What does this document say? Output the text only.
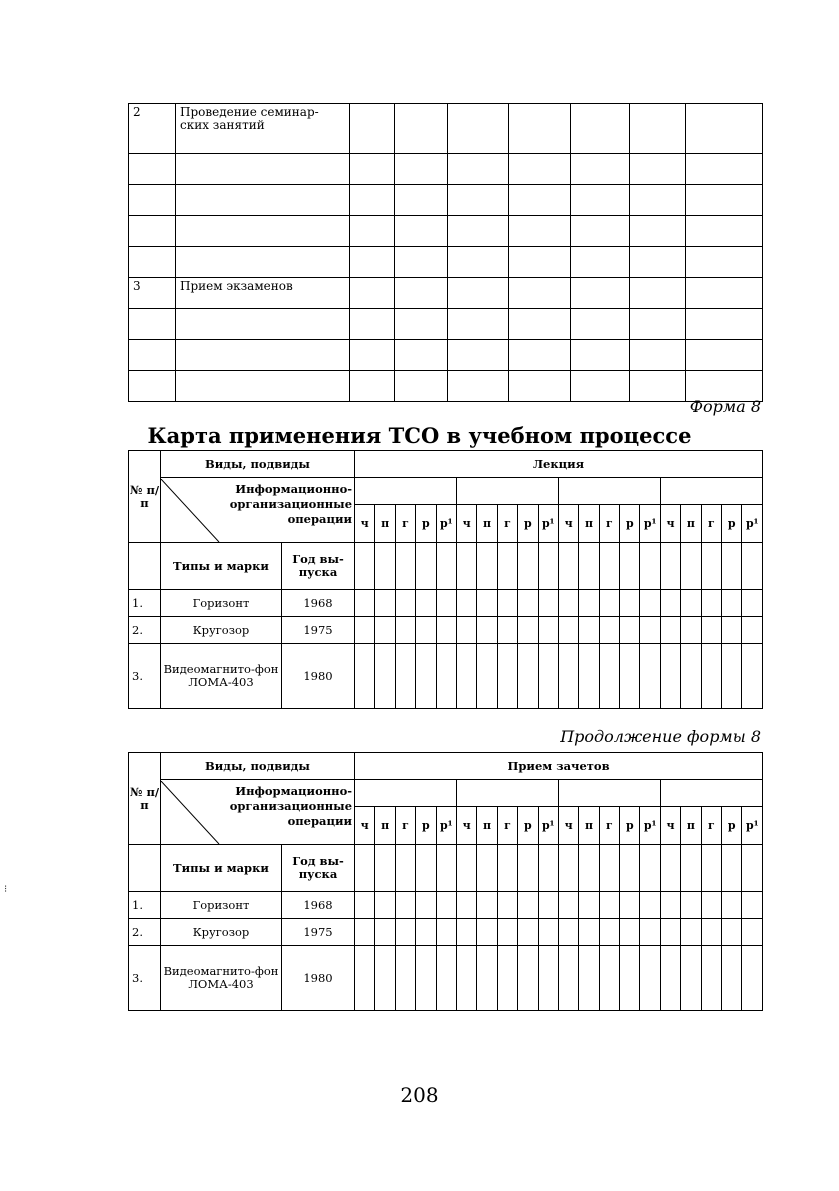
2	Проведение семинар-ских занятий							

3	Прием экзаменов							

Форма 8
Карта применения ТСО в учебном процессе
№ п/п	Виды, подвиды		Лекция																			

	Информационно-
организационные
операции																					

			ч	п	г	р	р¹	ч	п	г	р	р¹	ч	п	г	р	р¹	ч	п	г	р	р¹
	Типы и марки	Год вы-пуска																				
1.	Горизонт	1968																				
2.	Кругозор	1975																				
3.	Видеомагнито-фон ЛОМА-403	1980																				
Продолжение формы 8
№ п/п	Виды, подвиды		Прием зачетов																			

	Информационно-
организационные
операции																					

			ч	п	г	р	р¹	ч	п	г	р	р¹	ч	п	г	р	р¹	ч	п	г	р	р¹
	Типы и марки	Год вы-пуска																				
1.	Горизонт	1968																				
2.	Кругозор	1975																				
3.	Видеомагнито-фон ЛОМА-403	1980																				
208
⁝
